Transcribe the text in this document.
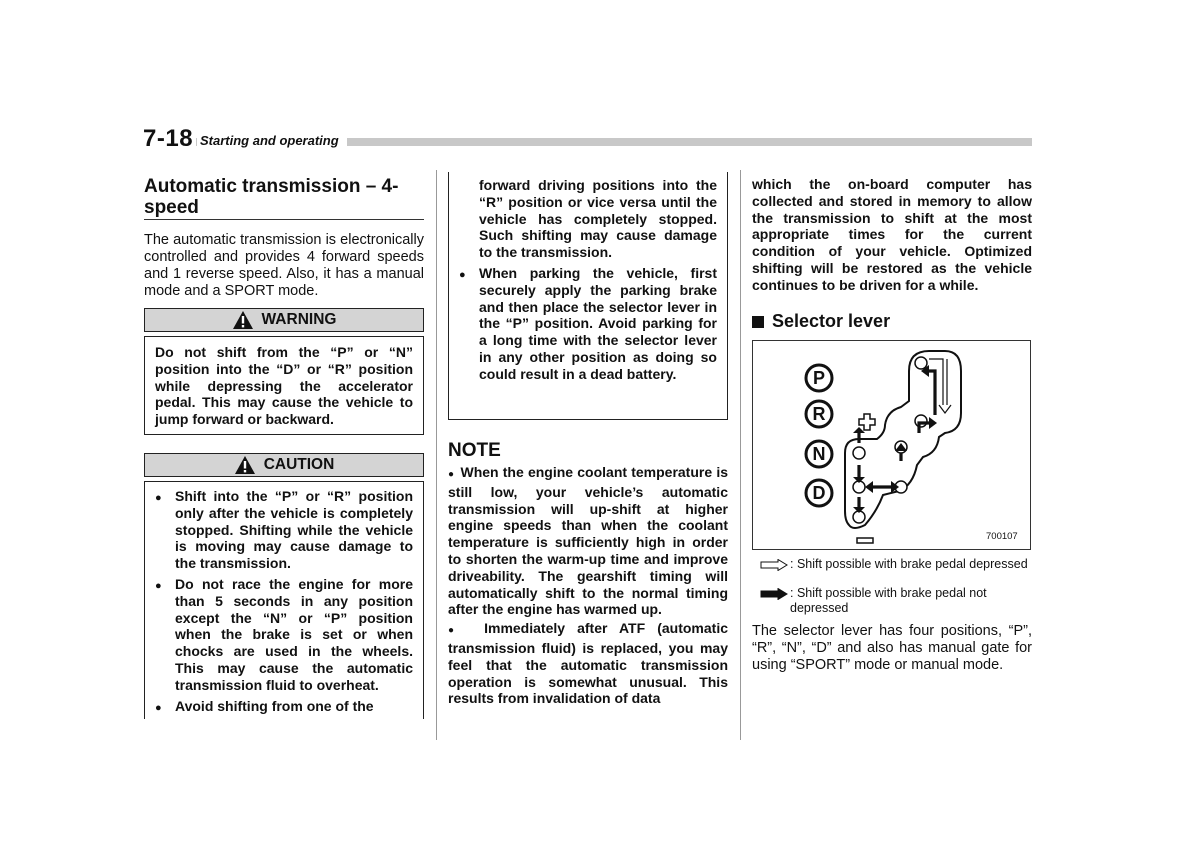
7-18 Starting and operating
Automatic transmission – 4-speed
The automatic transmission is electronically controlled and provides 4 forward speeds and 1 reverse speed. Also, it has a manual mode and a SPORT mode.
WARNING
Do not shift from the “P” or “N” position into the “D” or “R” position while depressing the accelerator pedal. This may cause the vehicle to jump forward or backward.
CAUTION
● Shift into the “P” or “R” position only after the vehicle is completely stopped. Shifting while the vehicle is moving may cause damage to the transmission.
● Do not race the engine for more than 5 seconds in any position except the “N” or “P” position when the brake is set or when chocks are used in the wheels. This may cause the automatic transmission fluid to overheat.
● Avoid shifting from one of the
forward driving positions into the “R” position or vice versa until the vehicle has completely stopped. Such shifting may cause damage to the transmission.
● When parking the vehicle, first securely apply the parking brake and then place the selector lever in the “P” position. Avoid parking for a long time with the selector lever in any other position as doing so could result in a dead battery.
NOTE

●  When the engine coolant temperature is still low, your vehicle’s automatic transmission will up-shift at higher engine speeds than when the coolant temperature is sufficiently high in order to shorten the warm-up time and improve driveability. The gearshift timing will automatically shift to the normal timing after the engine has warmed up.

●  Immediately after ATF (automatic transmission fluid) is replaced, you may feel that the automatic transmission operation is somewhat unusual. This results from invalidation of data

which the on-board computer has collected and stored in memory to allow the transmission to shift at the most appropriate times for the current condition of your vehicle. Optimized shifting will be restored as the vehicle continues to be driven for a while.
Selector lever
P
R
N
D
700107
: Shift possible with brake pedal depressed
: Shift possible with brake pedal not depressed
The selector lever has four positions, “P”, “R”, “N”, “D” and also has manual gate for using “SPORT” mode or manual mode.
